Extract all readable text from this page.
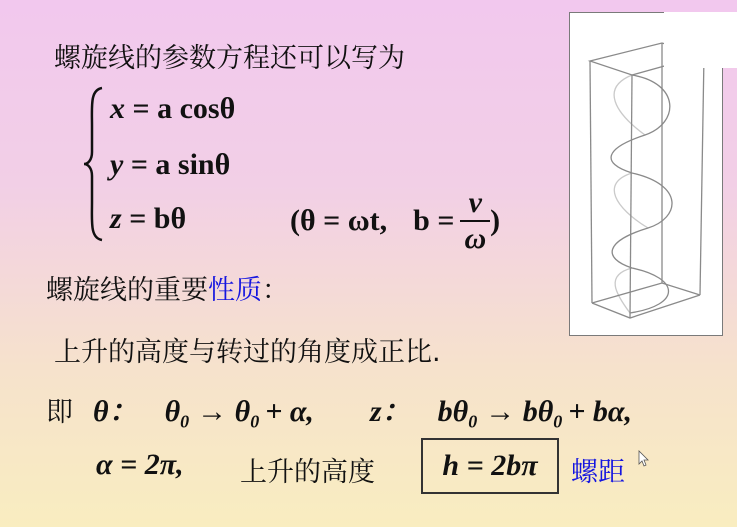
螺旋线的参数方程还可以写为
x = a cosθ
y = a sinθ
z = bθ	(θ = ωt, $b = \frac{v}{\omega}$ )
螺旋线的重要性质：
上升的高度与转过的角度成正比.
即 θ： $\theta_0 \to \theta_0 + \alpha$, z： $b\theta_0 \to b\theta_0 + b\alpha$,
α = 2π, 上升的高度 h = 2bπ 螺距
